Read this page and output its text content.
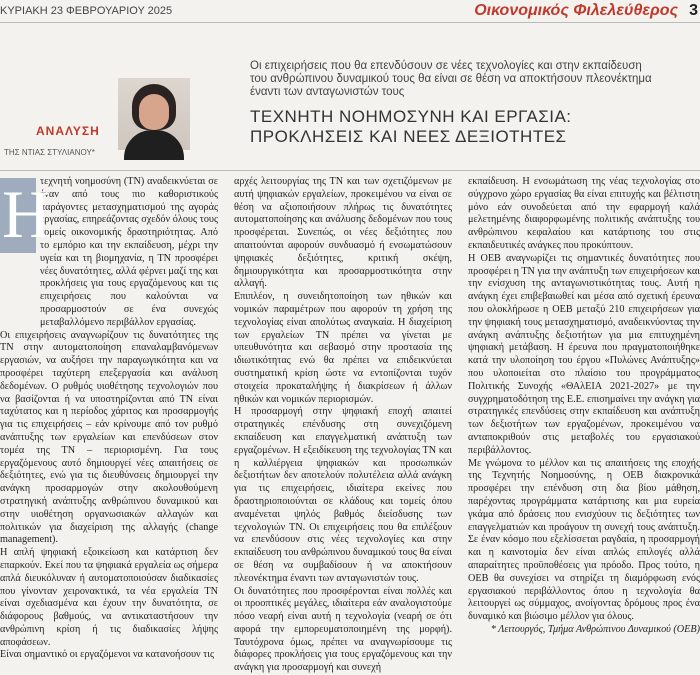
ΚΥΡΙΑΚΗ 23 ΦΕΒΡΟΥΑΡΙΟΥ 2025	Οικονομικός Φιλελεύθερος 3
ΑΝΑΛΥΣΗ
ΤΗΣ ΝΤΙΑΣ ΣΤΥΛΙΑΝΟΥ*
Οι επιχειρήσεις που θα επενδύσουν σε νέες τεχνολογίες και στην εκπαίδευση
του ανθρώπινου δυναμικού τους θα είναι σε θέση να αποκτήσουν πλεονέκτημα
έναντι των ανταγωνιστών τους
ΤΕΧΝΗΤΗ ΝΟΗΜΟΣΥΝΗ ΚΑΙ ΕΡΓΑΣΙΑ:
ΠΡΟΚΛΗΣΕΙΣ ΚΑΙ ΝΕΕΣ ΔΕΞΙΟΤΗΤΕΣ

τεχνητή νοημοσύνη (ΤΝ) αναδεικνύεται σε έναν από τους πιο καθοριστικούς παράγοντες μετασχηματισμού της αγοράς εργασίας, επηρεάζοντας σχεδόν όλους τους τομείς οικονομικής δραστηριότητας. Από το εμπόριο και την εκπαίδευση, μέχρι την υγεία και τη βιομηχανία, η ΤΝ προσφέρει νέες δυνατότητες, αλλά φέρνει μαζί της και προκλήσεις για τους εργαζόμενους και τις επιχειρήσεις που καλούνται να προσαρμοστούν σε ένα συνεχώς μεταβαλλόμενο περιβάλλον εργασίας.

Οι επιχειρήσεις αναγνωρίζουν τις δυνατότητες της ΤΝ στην αυτοματοποίηση επαναλαμβανόμενων εργασιών, να αυξήσει την παραγωγικότητα και να προσφέρει ταχύτερη επεξεργασία και ανάλυση δεδομένων. Ο ρυθμός υιοθέτησης τεχνολογιών που να βασίζονται ή να υποστηρίζονται από ΤΝ είναι ταχύτατος και η περίοδος χάριτος και προσαρμογής για τις επιχειρήσεις – εάν κρίνουμε από τον ρυθμό ανάπτυξης των εργαλείων και επενδύσεων στον τομέα της ΤΝ – περιορισμένη. Για τους εργαζόμενους αυτό δημιουργεί νέες απαιτήσεις σε δεξιότητες, ενώ για τις διευθύνσεις δημιουργεί την ανάγκη προσαρμογών στην ακολουθούμενη στρατηγική ανάπτυξης ανθρώπινου δυναμικού και στην υιοθέτηση οργανωσιακών αλλαγών και πολιτικών για διαχείριση της αλλαγής (change management).

Η απλή ψηφιακή εξοικείωση και κατάρτιση δεν επαρκούν. Εκεί που τα ψηφιακά εργαλεία ως σήμερα απλά διευκόλυναν ή αυτοματοποιούσαν διαδικασίες που γίνονταν χειρονακτικά, τα νέα εργαλεία ΤΝ είναι σχεδιασμένα και έχουν την δυνατότητα, σε διάφορους βαθμούς, να αντικαταστήσουν την ανθρώπινη κρίση ή τις διαδικασίες λήψης αποφάσεων.

Είναι σημαντικό οι εργαζόμενοι να κατανοήσουν τις

Η	αρχές λειτουργίας της ΤΝ και των σχετιζόμενων με αυτή ψηφιακών εργαλείων, προκειμένου να είναι σε θέση να αξιοποιήσουν πλήρως τις δυνατότητες αυτοματοποίησης και ανάλυσης δεδομένων που τους προσφέρεται. Συνεπώς, οι νέες δεξιότητες που απαιτούνται αφορούν συνδυασμό ή ενσωματώσουν ψηφιακές δεξιότητες, κριτική σκέψη, δημιουργικότητα και προσαρμοστικότητα στην αλλαγή.

Επιπλέον, η συνειδητοποίηση των ηθικών και νομικών παραμέτρων που αφορούν τη χρήση της τεχνολογίας είναι απολύτως αναγκαία. Η διαχείριση των εργαλείων ΤΝ πρέπει να γίνεται με υπευθυνότητα και σεβασμό στην προστασία της ιδιωτικότητας ενώ θα πρέπει να επιδεικνύεται συστηματική κρίση ώστε να εντοπίζονται τυχόν στοιχεία προκαταλήψης ή διακρίσεων ή άλλων ηθικών και νομικών περιορισμών.

Η προσαρμογή στην ψηφιακή εποχή απαιτεί στρατηγικές επένδυσης στη συνεχιζόμενη εκπαίδευση και επαγγελματική ανάπτυξη των εργαζομένων. Η εξειδίκευση της τεχνολογίας ΤΝ και η καλλιέργεια ψηφιακών και προσωπικών δεξιοτήτων δεν αποτελούν πολυτέλεια αλλά ανάγκη για τις επιχειρήσεις, ιδιαίτερα εκείνες που δραστηριοποιούνται σε κλάδους και τομείς όπου αναμένεται ψηλός βαθμός διείσδυσης των τεχνολογιών ΤΝ. Οι επιχειρήσεις που θα επιλέξουν να επενδύσουν στις νέες τεχνολογίες και στην εκπαίδευση του ανθρώπινου δυναμικού τους θα είναι σε θέση να συμβαδίσουν ή να αποκτήσουν πλεονέκτημα έναντι των ανταγωνιστών τους.

Οι δυνατότητες που προσφέρονται είναι πολλές και οι προοπτικές μεγάλες, ιδιαίτερα εάν αναλογιστούμε πόσο νεαρή είναι αυτή η τεχνολογία (νεαρή σε ότι αφορά την εμπορευματοποιημένη της μορφή). Ταυτόχρονα όμως, πρέπει να αναγνωρίσουμε τις διάφορες προκλήσεις για τους εργαζόμενους και την ανάγκη για προσαρμογή και συνεχή

εκπαίδευση. Η ενσωμάτωση της νέας τεχνολογίας στο σύγχρονο χώρο εργασίας θα είναι επιτυχής και βέλτιστη μόνο εάν συνοδεύεται από την εφαρμογή καλά μελετημένης διαφορφωμένης πολιτικής ανάπτυξης του ανθρώπινου κεφαλαίου και κατάρτισης του στις εκπαιδευτικές ανάγκες που προκύπτουν.

Η ΟΕΒ αναγνωρίζει τις σημαντικές δυνατότητες που προσφέρει η ΤΝ για την ανάπτυξη των επιχειρήσεων και την ενίσχυση της ανταγωνιστικότητας τους. Αυτή η ανάγκη έχει επιβεβαιωθεί και μέσα από σχετική έρευνα που ολοκλήρωσε η ΟΕΒ μεταξύ 210 επιχειρήσεων για την ψηφιακή τους μετασχηματισμό, αναδεικνύοντας την ανάγκη ανάπτυξης δεξιοτήτων για μια επιτυχημένη ψηφιακή μετάβαση. Η έρευνα που πραγματοποιήθηκε κατά την υλοποίηση του έργου «Πυλώνες Ανάπτυξης» που υλοποιείται στο πλαίσιο του προγράμματος Πολιτικής Συνοχής «ΘΑλΕΙΑ 2021-2027» με την συγχρηματοδότηση της Ε.Ε. επισημαίνει την ανάγκη για στρατηγικές επενδύσεις στην εκπαίδευση και ανάπτυξη των δεξιοτήτων των εργαζομένων, προκειμένου να ανταποκριθούν στις μεταβολές του εργασιακού περιβάλλοντος.

Με γνώμονα το μέλλον και τις απαιτήσεις της εποχής της Τεχνητής Νοημοσύνης, η ΟΕΒ διακρονικά προσφέρει την επένδυση στη δια βίου μάθηση, παρέχοντας προγράμματα κατάρτισης και μια ευρεία γκάμα από δράσεις που ενισχύουν τις δεξιότητες των επαγγελματιών και προάγουν τη συνεχή τους ανάπτυξη. Σε έναν κόσμο που εξελίσσεται ραγδαία, η προσαρμογή και η καινοτομία δεν είναι απλώς επιλογές αλλά απαραίτητες προϋποθέσεις για πρόοδο. Προς τούτο, η ΟΕΒ θα συνεχίσει να στηρίζει τη διαμόρφωση ενός εργασιακού περιβάλλοντος όπου η τεχνολογία θα λειτουργεί ως σύμμαχος, ανοίγοντας δρόμους προς ένα δυναμικό και βιώσιμο μέλλον για όλους.

* Λειτουργός, Τμήμα Ανθρώπινου Δυναμικού (ΟΕΒ)
